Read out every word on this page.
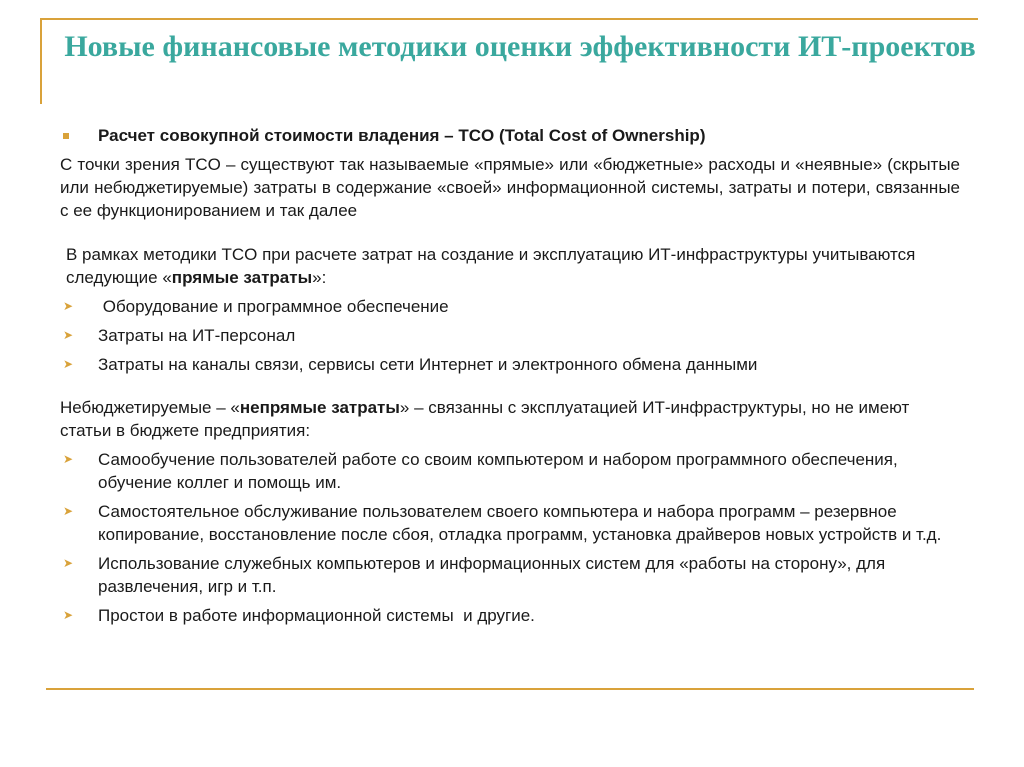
Новые финансовые методики оценки эффективности ИТ-проектов
Расчет совокупной стоимости владения – TCO (Total Cost of Ownership)
С точки зрения TCO – существуют так называемые «прямые» или «бюджетные» расходы и «неявные» (скрытые или небюджетируемые) затраты в содержание «своей» информационной системы, затраты и потери, связанные с ее функционированием и так далее
В рамках методики TCO при расчете затрат на создание и эксплуатацию ИТ-инфраструктуры учитываются следующие «прямые затраты»:
➤ Оборудование и программное обеспечение
➤ Затраты на ИТ-персонал
➤ Затраты на каналы связи, сервисы сети Интернет и электронного обмена данными
Небюджетируемые – «непрямые затраты» – связанны с эксплуатацией ИТ-инфраструктуры, но не имеют статьи в бюджете предприятия:
➤ Самообучение пользователей работе со своим компьютером и набором программного обеспечения, обучение коллег и помощь им.
➤ Самостоятельное обслуживание пользователем своего компьютера и набора программ – резервное копирование, восстановление после сбоя, отладка программ, установка драйверов новых устройств и т.д.
➤ Использование служебных компьютеров и информационных систем для «работы на сторону», для развлечения, игр и т.п.
➤ Простои в работе информационной системы  и другие.
